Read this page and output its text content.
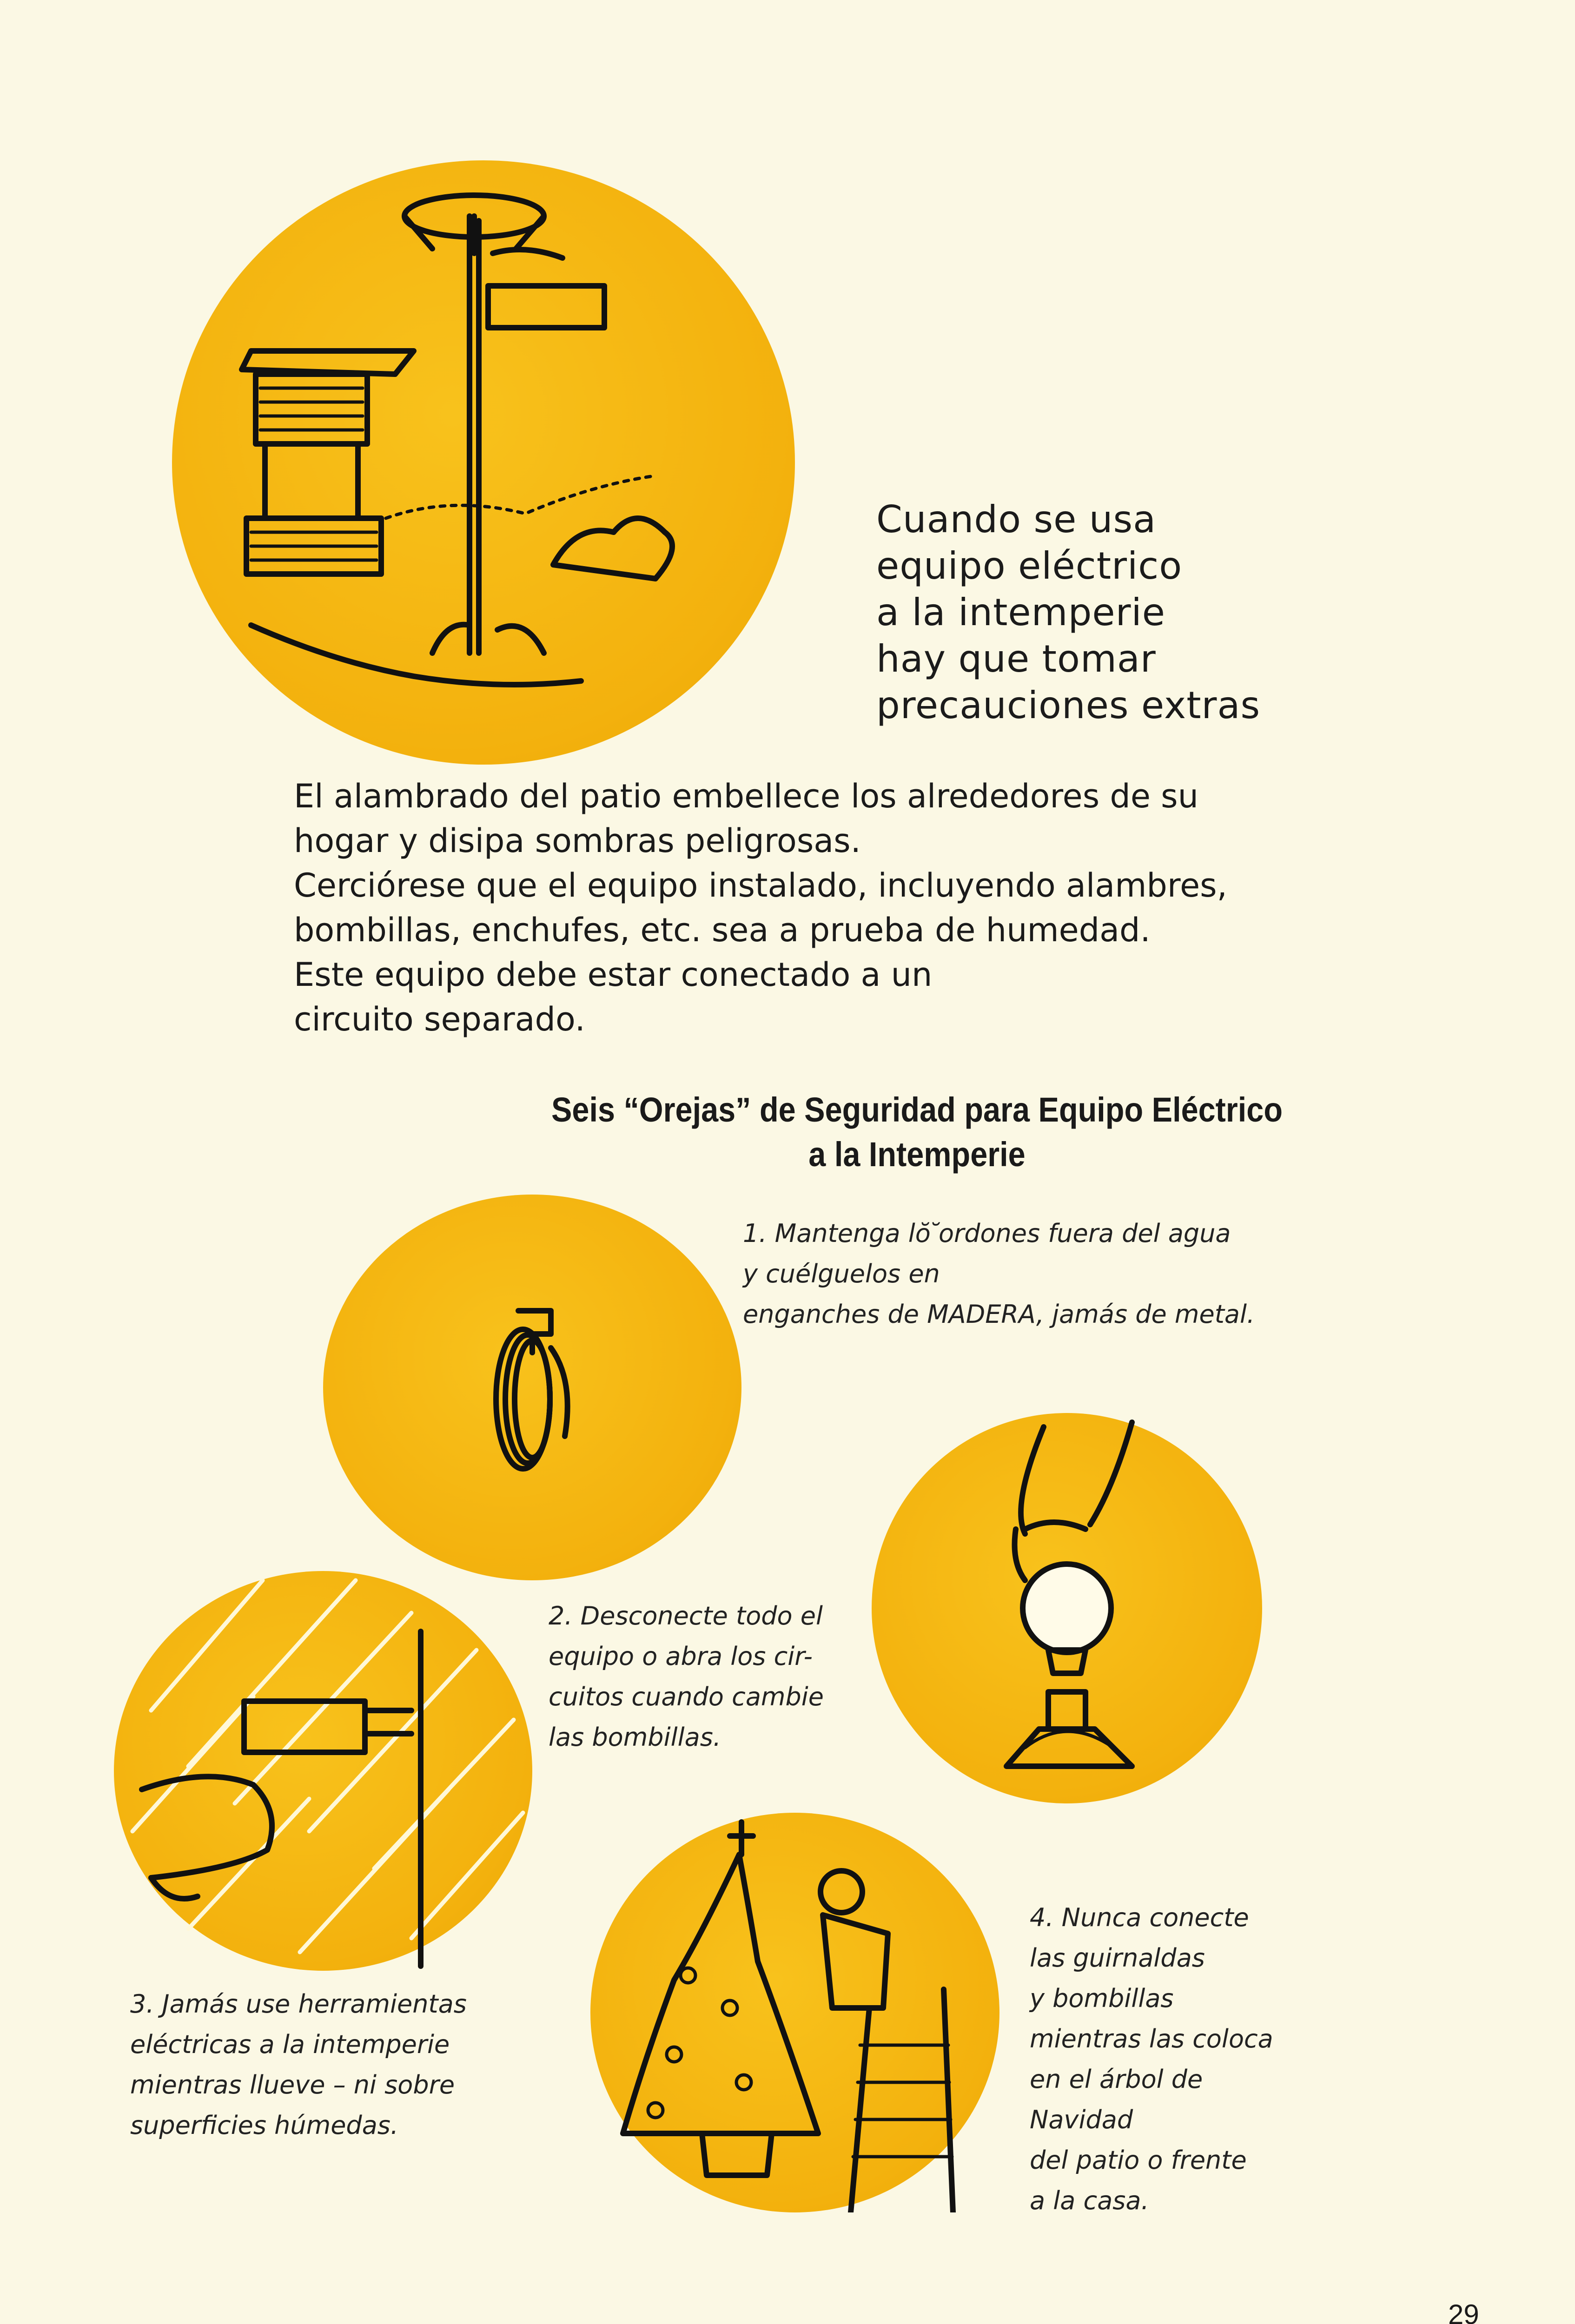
Cuando se usa
equipo eléctrico
a la intemperie
hay que tomar
precauciones extras
El alambrado del patio embellece los alrededores de su
hogar y disipa sombras peligrosas.
Cerciórese que el equipo instalado, incluyendo alambres,
bombillas, enchufes, etc. sea a prueba de humedad.
Este equipo debe estar conectado a un
circuito separado.
Seis “Orejas” de Seguridad para Equipo Eléctrico
a la Intemperie
1. Mantenga lŏ ̆ordones fuera del agua
y cuélguelos en
enganches de MADERA, jamás de metal.
2. Desconecte todo el
equipo o abra los cir-
cuitos cuando cambie
las bombillas.
3. Jamás use herramientas
eléctricas a la intemperie
mientras llueve – ni sobre
superficies húmedas.
4. Nunca conecte
las guirnaldas
y bombillas
mientras las coloca
en el árbol de
Navidad
del patio o frente
a la casa.
29
